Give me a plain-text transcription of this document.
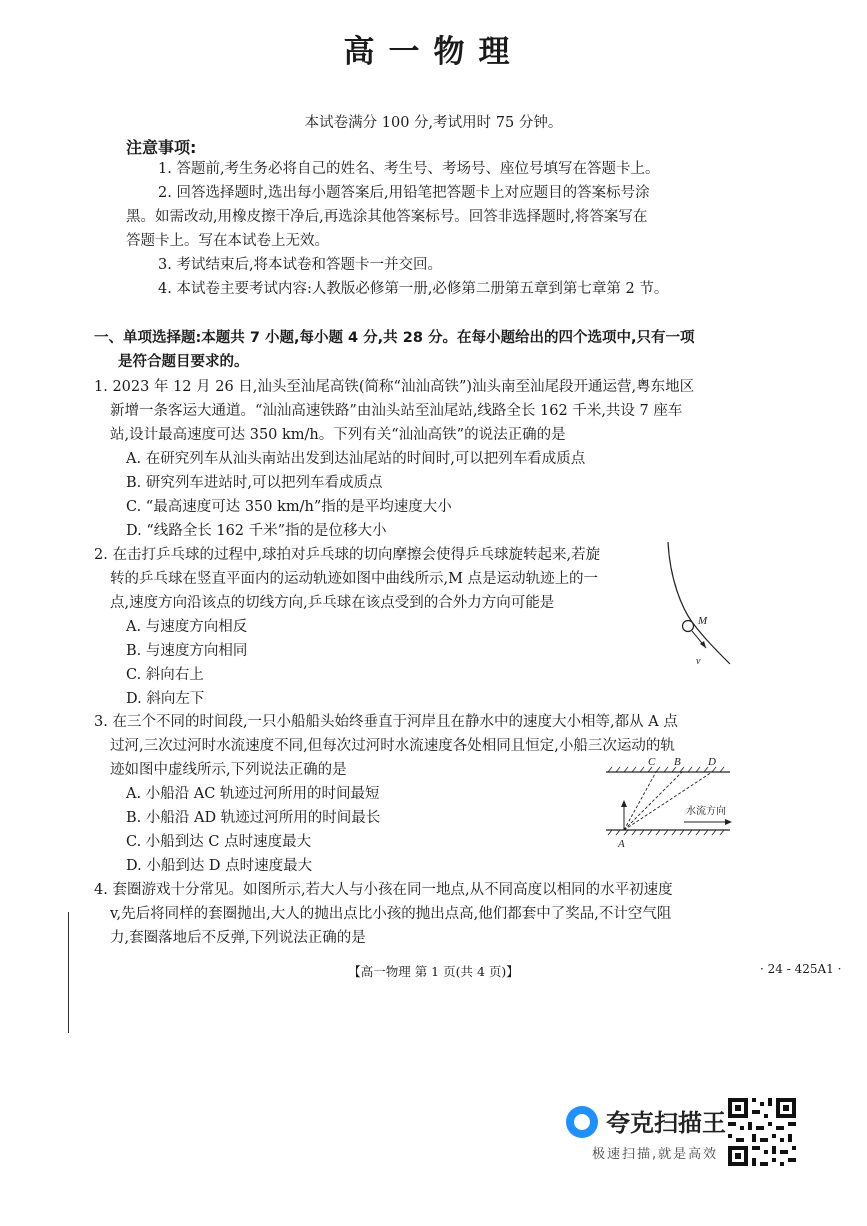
高一物理
本试卷满分 100 分,考试用时 75 分钟。
注意事项:
1. 答题前,考生务必将自己的姓名、考生号、考场号、座位号填写在答题卡上。
2. 回答选择题时,选出每小题答案后,用铅笔把答题卡上对应题目的答案标号涂
黑。如需改动,用橡皮擦干净后,再选涂其他答案标号。回答非选择题时,将答案写在
答题卡上。写在本试卷上无效。
3. 考试结束后,将本试卷和答题卡一并交回。
4. 本试卷主要考试内容:人教版必修第一册,必修第二册第五章到第七章第 2 节。
一、单项选择题:本题共 7 小题,每小题 4 分,共 28 分。在每小题给出的四个选项中,只有一项
是符合题目要求的。
1. 2023 年 12 月 26 日,汕头至汕尾高铁(简称“汕汕高铁”)汕头南至汕尾段开通运营,粤东地区
新增一条客运大通道。“汕汕高速铁路”由汕头站至汕尾站,线路全长 162 千米,共设 7 座车
站,设计最高速度可达 350 km/h。下列有关“汕汕高铁”的说法正确的是
A. 在研究列车从汕头南站出发到达汕尾站的时间时,可以把列车看成质点
B. 研究列车进站时,可以把列车看成质点
C. “最高速度可达 350 km/h”指的是平均速度大小
D. “线路全长 162 千米”指的是位移大小
2. 在击打乒乓球的过程中,球拍对乒乓球的切向摩擦会使得乒乓球旋转起来,若旋
转的乒乓球在竖直平面内的运动轨迹如图中曲线所示,M 点是运动轨迹上的一
点,速度方向沿该点的切线方向,乒乓球在该点受到的合外力方向可能是
A. 与速度方向相反
B. 与速度方向相同
C. 斜向右上
D. 斜向左下
M
v
3. 在三个不同的时间段,一只小船船头始终垂直于河岸且在静水中的速度大小相等,都从 A 点
过河,三次过河时水流速度不同,但每次过河时水流速度各处相同且恒定,小船三次运动的轨
迹如图中虚线所示,下列说法正确的是
A. 小船沿 AC 轨迹过河所用的时间最短
B. 小船沿 AD 轨迹过河所用的时间最长
C. 小船到达 C 点时速度最大
D. 小船到达 D 点时速度最大
C B D
A
水流方向
4. 套圈游戏十分常见。如图所示,若大人与小孩在同一地点,从不同高度以相同的水平初速度
v,先后将同样的套圈抛出,大人的抛出点比小孩的抛出点高,他们都套中了奖品,不计空气阻
力,套圈落地后不反弹,下列说法正确的是
【高一物理 第 1 页(共 4 页)】	· 24 - 425A1 ·
夸克扫描王
极速扫描,就是高效
